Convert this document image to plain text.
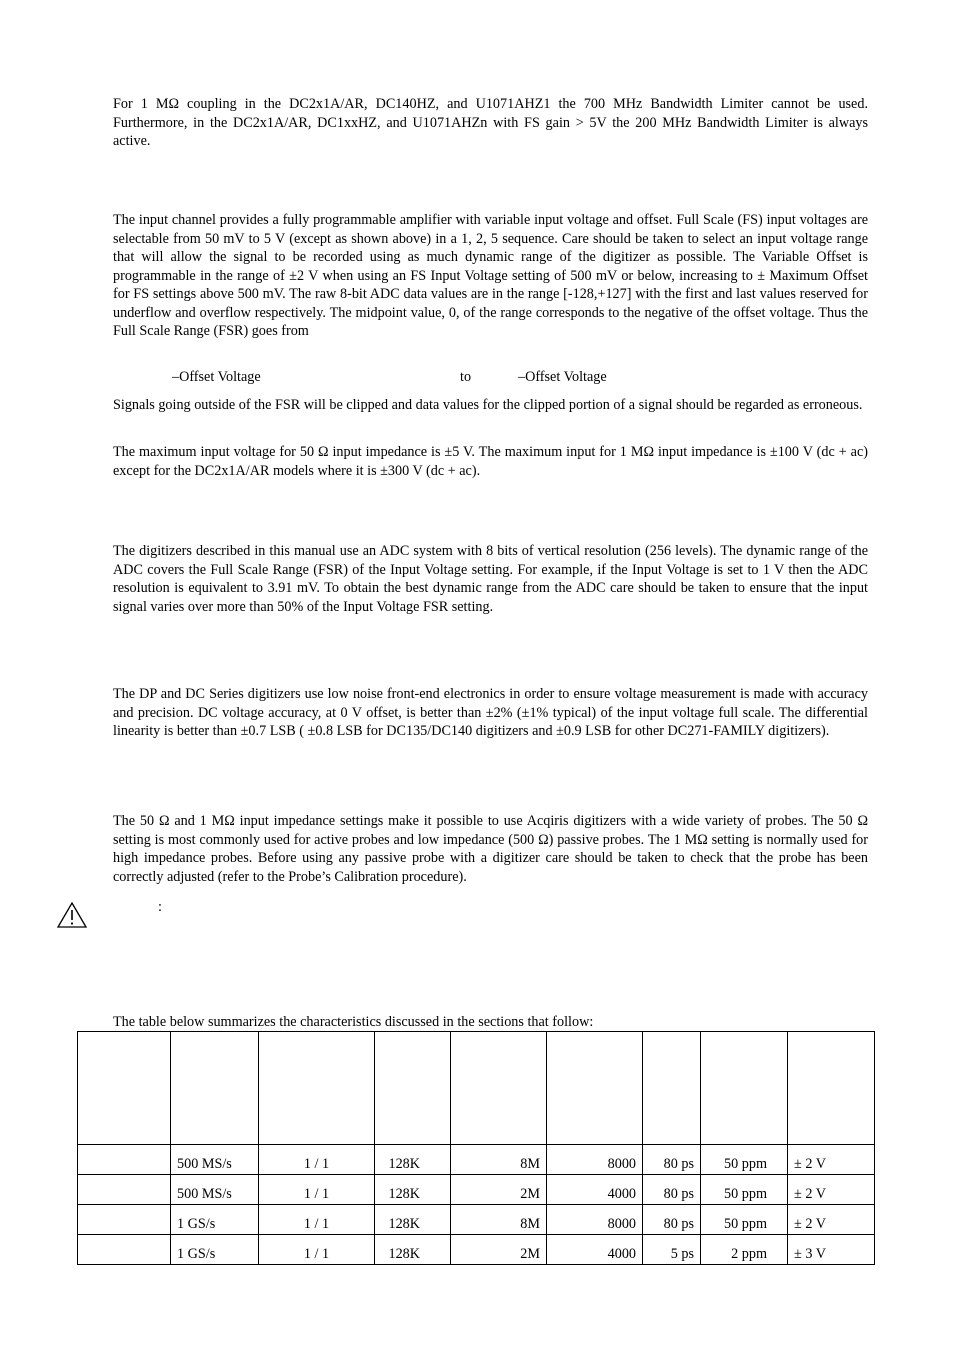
For 1 MΩ coupling in the DC2x1A/AR, DC140HZ, and U1071AHZ1 the 700 MHz Bandwidth Limiter cannot be used. Furthermore, in the DC2x1A/AR, DC1xxHZ, and U1071AHZn with FS gain > 5V the 200 MHz Bandwidth Limiter is always active.

The input channel provides a fully programmable amplifier with variable input voltage and offset. Full Scale (FS) input voltages are selectable from 50 mV to 5 V (except as shown above) in a 1, 2, 5 sequence. Care should be taken to select an input voltage range that will allow the signal to be recorded using as much dynamic range of the digitizer as possible. The Variable Offset is programmable in the range of ±2 V when using an FS Input Voltage setting of 500 mV or below, increasing to ± Maximum Offset for FS settings above 500 mV. The raw 8-bit ADC data values are in the range [-128,+127] with the first and last values reserved for underflow and overflow respectively. The midpoint value, 0, of the range corresponds to the negative of the offset voltage. Thus the Full Scale Range (FSR) goes from

–Offset Voltage	to	–Offset Voltage

Signals going outside of the FSR will be clipped and data values for the clipped portion of a signal should be regarded as erroneous.

The maximum input voltage for 50 Ω input impedance is ±5 V. The maximum input for 1 MΩ input impedance is ±100 V (dc + ac) except for the DC2x1A/AR models where it is ±300 V (dc + ac).

The digitizers described in this manual use an ADC system with 8 bits of vertical resolution (256 levels). The dynamic range of the ADC covers the Full Scale Range (FSR) of the Input Voltage setting. For example, if the Input Voltage is set to 1 V then the ADC resolution is equivalent to 3.91 mV. To obtain the best dynamic range from the ADC care should be taken to ensure that the input signal varies over more than 50% of the Input Voltage FSR setting.

The DP and DC Series digitizers use low noise front-end electronics in order to ensure voltage measurement is made with accuracy and precision. DC voltage accuracy, at 0 V offset, is better than ±2% (±1% typical) of the input voltage full scale. The differential linearity is better than ±0.7 LSB ( ±0.8 LSB for DC135/DC140 digitizers and ±0.9 LSB for other DC271-FAMILY digitizers).

The 50 Ω and 1 MΩ input impedance settings make it possible to use Acqiris digitizers with a wide variety of probes. The 50 Ω setting is most commonly used for active probes and low impedance (500 Ω) passive probes. The 1 MΩ setting is normally used for high impedance probes. Before using any passive probe with a digitizer care should be taken to check that the probe has been correctly adjusted (refer to the Probe’s Calibration procedure).

:
The table below summarizes the characteristics discussed in the sections that follow:

	500 MS/s	1 / 1	128K	8M	8000	80 ps	50 ppm	± 2 V
	500 MS/s	1 / 1	128K	2M	4000	80 ps	50 ppm	± 2 V
	1 GS/s	1 / 1	128K	8M	8000	80 ps	50 ppm	± 2 V
	1 GS/s	1 / 1	128K	2M	4000	5 ps	2 ppm	± 3 V
